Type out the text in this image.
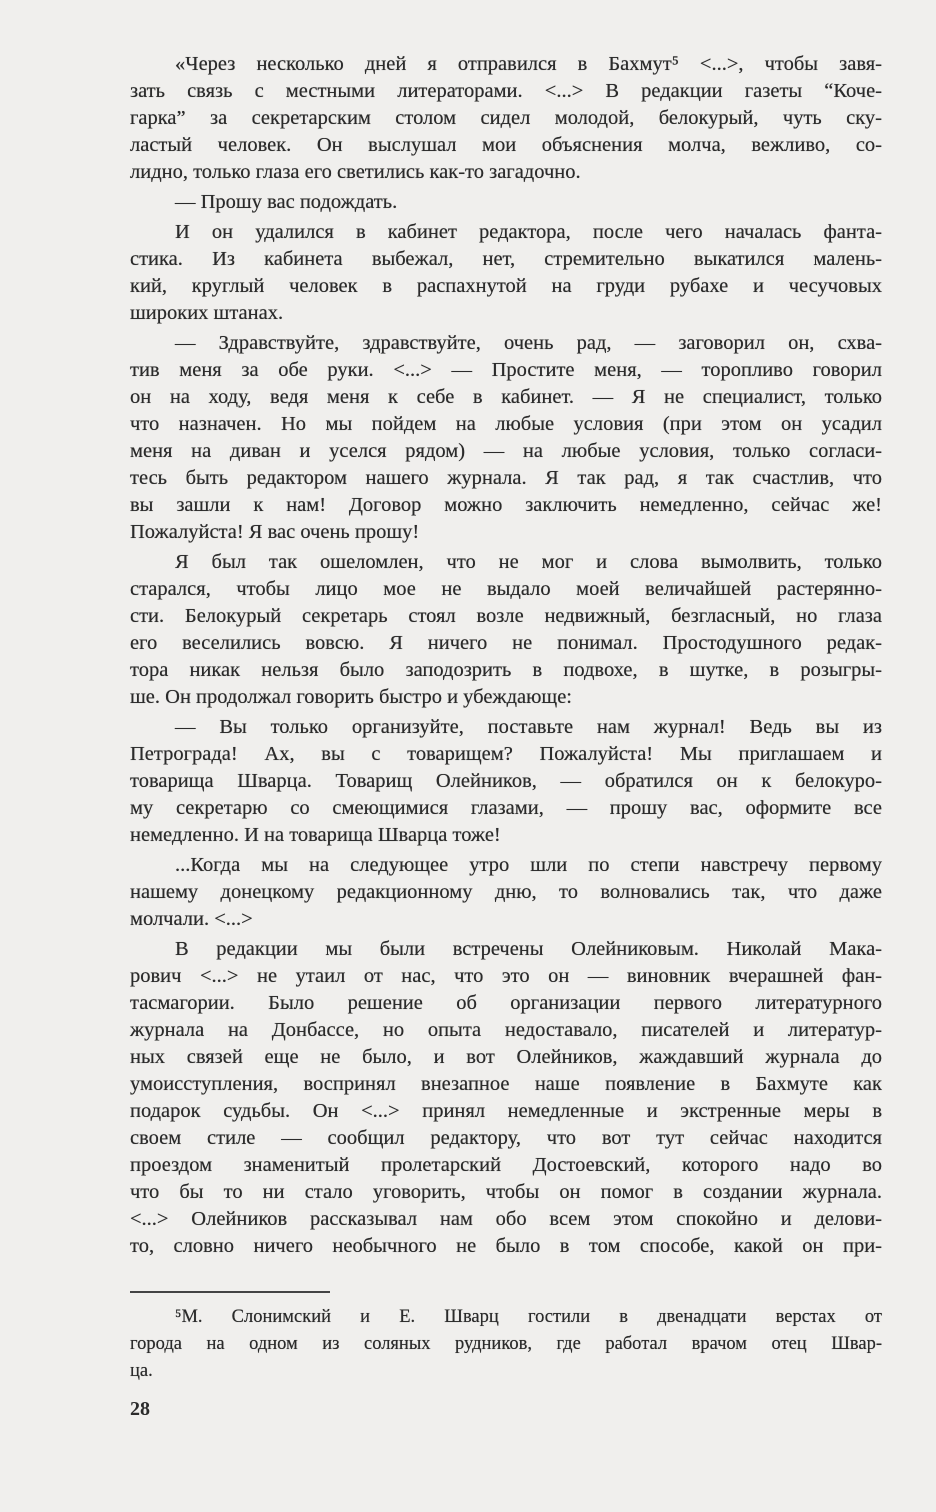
«Через несколько дней я отправился в Бахмут⁵ <...>, чтобы завя-
зать связь с местными литераторами. <...> В редакции газеты “Коче-
гарка” за секретарским столом сидел молодой, белокурый, чуть ску-
ластый человек. Он выслушал мои объяснения молча, вежливо, со-
лидно, только глаза его светились как-то загадочно.
— Прошу вас подождать.
И он удалился в кабинет редактора, после чего началась фанта-
стика. Из кабинета выбежал, нет, стремительно выкатился малень-
кий, круглый человек в распахнутой на груди рубахе и чесучовых
широких штанах.
— Здравствуйте, здравствуйте, очень рад, — заговорил он, схва-
тив меня за обе руки. <...> — Простите меня, — торопливо говорил
он на ходу, ведя меня к себе в кабинет. — Я не специалист, только
что назначен. Но мы пойдем на любые условия (при этом он усадил
меня на диван и уселся рядом) — на любые условия, только согласи-
тесь быть редактором нашего журнала. Я так рад, я так счастлив, что
вы зашли к нам! Договор можно заключить немедленно, сейчас же!
Пожалуйста! Я вас очень прошу!
Я был так ошеломлен, что не мог и слова вымолвить, только
старался, чтобы лицо мое не выдало моей величайшей растерянно-
сти. Белокурый секретарь стоял возле недвижный, безгласный, но глаза
его веселились вовсю. Я ничего не понимал. Простодушного редак-
тора никак нельзя было заподозрить в подвохе, в шутке, в розыгры-
ше. Он продолжал говорить быстро и убеждающе:
— Вы только организуйте, поставьте нам журнал! Ведь вы из
Петрограда! Ах, вы с товарищем? Пожалуйста! Мы приглашаем и
товарища Шварца. Товарищ Олейников, — обратился он к белокуро-
му секретарю со смеющимися глазами, — прошу вас, оформите все
немедленно. И на товарища Шварца тоже!
...Когда мы на следующее утро шли по степи навстречу первому
нашему донецкому редакционному дню, то волновались так, что даже
молчали. <...>
В редакции мы были встречены Олейниковым. Николай Мака-
рович <...> не утаил от нас, что это он — виновник вчерашней фан-
тасмагории. Было решение об организации первого литературного
журнала на Донбассе, но опыта недоставало, писателей и литератур-
ных связей еще не было, и вот Олейников, жаждавший журнала до
умоисступления, воспринял внезапное наше появление в Бахмуте как
подарок судьбы. Он <...> принял немедленные и экстренные меры в
своем стиле — сообщил редактору, что вот тут сейчас находится
проездом знаменитый пролетарский Достоевский, которого надо во
что бы то ни стало уговорить, чтобы он помог в создании журнала.
<...> Олейников рассказывал нам обо всем этом спокойно и делови-
то, словно ничего необычного не было в том способе, какой он при-
⁵М. Слонимский и Е. Шварц гостили в двенадцати верстах от
города на одном из соляных рудников, где работал врачом отец Швар-
ца.
28
